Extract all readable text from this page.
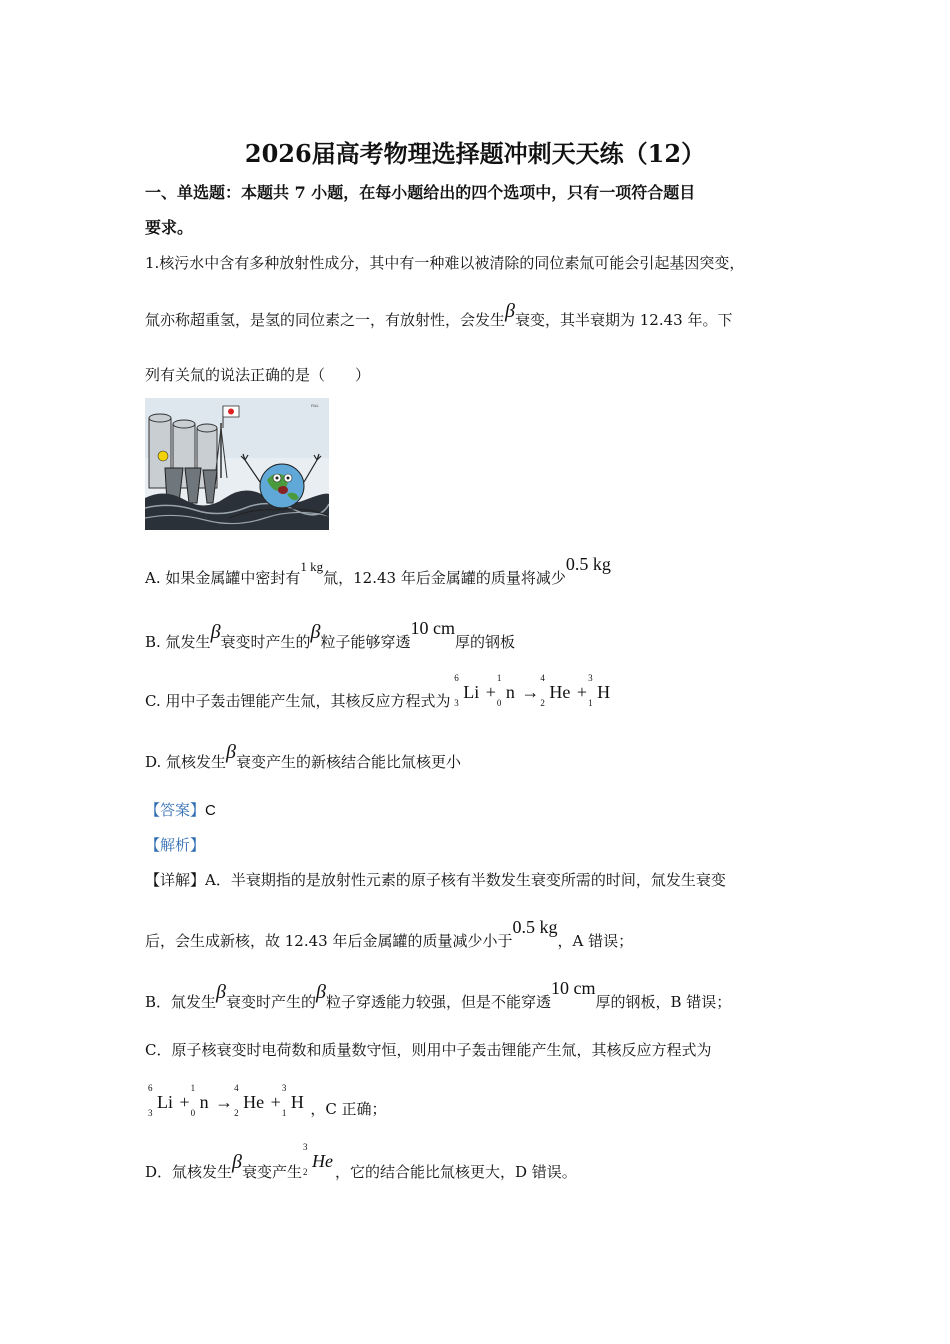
2026届高考物理选择题冲刺天天练（12）
一、单选题：本题共 7 小题，在每小题给出的四个选项中，只有一项符合题目
要求。
1.核污水中含有多种放射性成分，其中有一种难以被清除的同位素氚可能会引起基因突变，
氚亦称超重氢，是氢的同位素之一，有放射性，会发生β衰变，其半衰期为 12.43 年。下
列有关氚的说法正确的是（　　）
PAL
A. 如果金属罐中密封有1 kg氚，12.43 年后金属罐的质量将减少0.5 kg
B. 氚发生β衰变时产生的β粒子能够穿透10 cm厚的钢板
C. 用中子轰击锂能产生氚，其核反应方程式为
6
3
Li +
1
0
n →
4
2
He +
3
1
H
D. 氚核发生β衰变产生的新核结合能比氚核更小
【答案】C
【解析】
【详解】A．半衰期指的是放射性元素的原子核有半数发生衰变所需的时间，氚发生衰变
后，会生成新核，故 12.43 年后金属罐的质量减少小于0.5 kg，A 错误；
B．氚发生β衰变时产生的β粒子穿透能力较强，但是不能穿透10 cm厚的钢板，B 错误；
C．原子核衰变时电荷数和质量数守恒，则用中子轰击锂能产生氚，其核反应方程式为
6
3
Li +
1
0
n →
4
2
He +
3
1
H ，C 正确；
D．氚核发生β衰变产生
3
2
He，它的结合能比氚核更大，D 错误。
